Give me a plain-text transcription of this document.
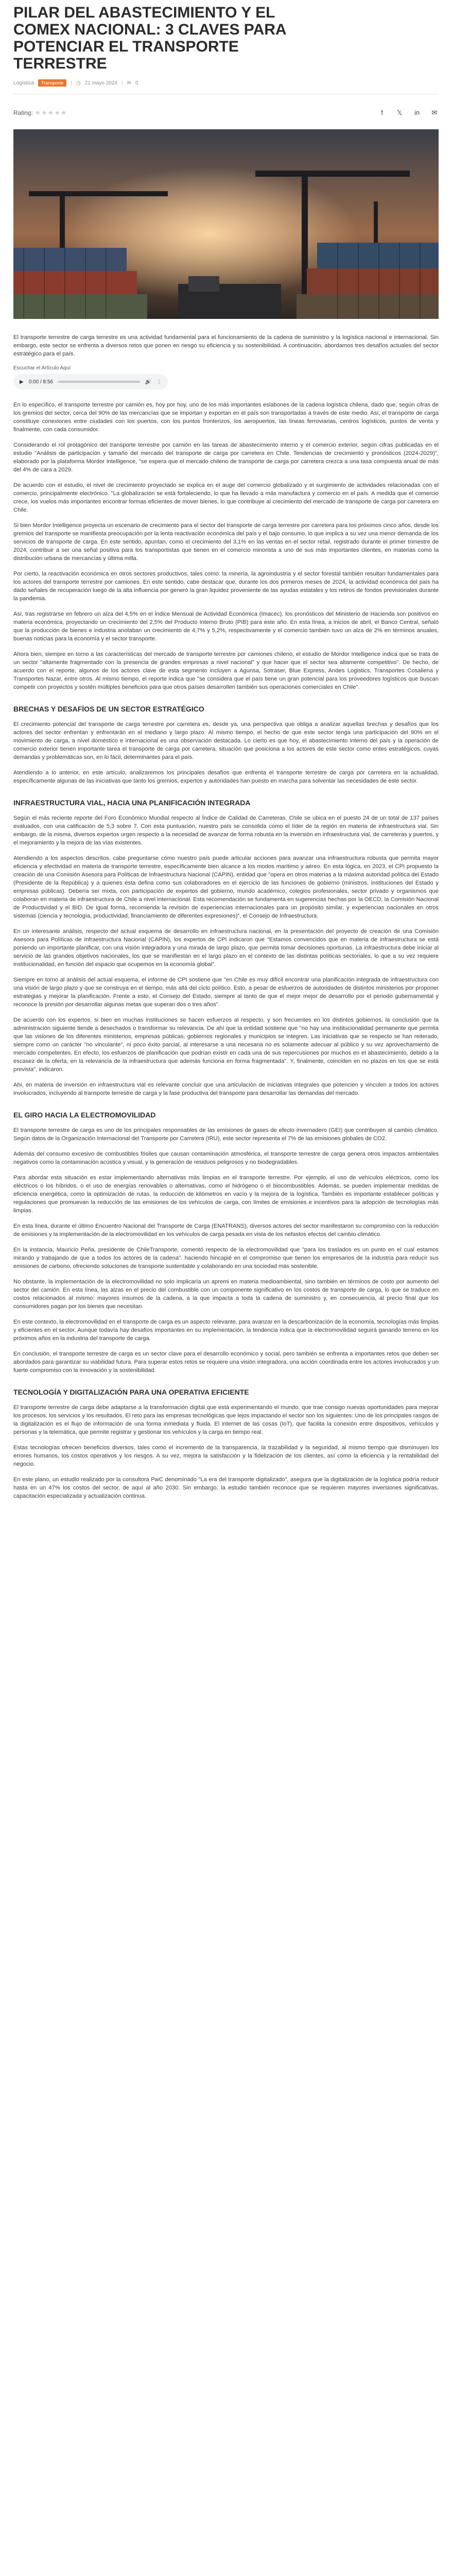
PILAR DEL ABASTECIMIENTO Y EL COMEX NACIONAL: 3 CLAVES PARA POTENCIAR EL TRANSPORTE TERRESTRE
Logística	Transporte	| ◷ 21 mayo 2024 | ✉ 0
Rating: ★★★★★	f	𝕏 in ✉

El transporte terrestre de carga terrestre es una actividad fundamental para el funcionamiento de la cadena de suministro y la logística nacional e internacional. Sin embargo, este sector se enfrenta a diversos retos que ponen en riesgo su eficiencia y su sostenibilidad. A continuación, abordamos tres desafíos actuales del sector estratégico para el país.

Escuchar el Artículo Aquí
▶ 0:00 / 8:56	🔊 ⋮

En lo específico, el transporte terrestre por camión es, hoy por hoy, uno de los más importantes eslabones de la cadena logística chilena, dado que, según cifras de los gremios del sector, cerca del 90% de las mercancías que se importan y exportan en el país son transportadas a través de este medio. Así, el transporte de carga constituye conexiones entre ciudades con los puertos, con los puntos fronterizos, los aeropuertos, las líneas ferroviarias, centros logísticos, puntos de venta y finalmente, con cada consumidor.

Considerando el rol protagónico del transporte terrestre por camión en las tareas de abastecimiento interno y el comercio exterior, según cifras publicadas en el estudio "Análisis de participación y tamaño del mercado del transporte de carga por carretera en Chile. Tendencias de crecimiento y pronósticos (2024-2029)", elaborado por la plataforma Mordor Intelligence, "se espera que el mercado chileno de transporte de carga por carretera crezca a una tasa compuesta anual de más del 4% de cara a 2029.

De acuerdo con el estudio, el nivel de crecimiento proyectado se explica en el auge del comercio globalizado y el surgimiento de actividades relacionadas con el comercio, principalmente electrónico. "La globalización se está fortaleciendo, lo que ha llevado a más manufactura y comercio en el país. A medida que el comercio crece, los vuelos más importantes encontrar formas eficientes de mover bienes, lo que contribuye al crecimiento del mercado de transporte de carga por carretera en Chile.

Si bien Mordor Intelligence proyecta un escenario de crecimiento para el sector del transporte de carga terrestre por carretera para los próximos cinco años, desde los gremios del transporte se manifiesta preocupación por la lenta reactivación económica del país y el bajo consumo, lo que implica a su vez una menor demanda de los servicios de transporte de carga. En este sentido, apuntan, como el crecimiento del 3,1% en las ventas en el sector retail, registrado durante el primer trimestre de 2024, contribuir a ser una señal positiva para los transportistas que tienen en el comercio minorista a uno de sus más importantes clientes, en materias como la distribución urbana de mercancías y última milla.

Por cierto, la reactivación económica en otros sectores productivos, tales como: la minería, la agroindustria y el sector forestal también resultan fundamentales para los actores del transporte terrestre por camiones. En este sentido, cabe destacar que, durante los dos primeros meses de 2024, la actividad económica del país ha dado señales de recuperación luego de la alta influencia por generó la gran liquidez proveniente de las ayudas estatales y los retiros de fondos previsionales durante la pandemia.

Así, tras registrarse en febrero un alza del 4,5% en el Índice Mensual de Actividad Económica (Imacec), los pronósticos del Ministerio de Hacienda son positivos en materia económica, proyectando un crecimiento del 2,5% del Producto Interno Bruto (PIB) para este año. En esta línea, a inicios de abril, el Banco Central, señaló que la producción de bienes e industria anotaban un crecimiento de 4,7% y 5,2%, respectivamente y el comercio también tuvo un alza de 2% en términos anuales, buenas noticias para la economía y el sector transporte.

Ahora bien, siempre en torno a las características del mercado de transporte terrestre por camiones chileno, el estudio de Mordor Intelligence indica que se trata de un sector "altamente fragmentado con la presencia de grandes empresas a nivel nacional" y que hacer que el sector sea altamente competitivo". De hecho, de acuerdo con el reporte, algunos de los actores clave de esta segmento incluyen a Agunsa, Sotraser, Blue Express, Andes Logistics, Transportes Cosaliena y Transportes Nazar, entre otros. Al mismo tiempo, el reporte indica que "se considera que el país tiene un gran potencial para los proveedores logísticos que buscan competir con proyectos y sostén múltiples beneficios para que otros países desarrollen también sus operaciones comerciales en Chile".

BRECHAS Y DESAFÍOS DE UN SECTOR ESTRATÉGICO

El crecimiento potencial del transporte de carga terrestre por carretera es, desde ya, una perspectiva que obliga a analizar aquellas brechas y desafíos que los actores del sector enfrentan y enfrentarán en el mediano y largo plazo. Al mismo tiempo, el hecho de que este sector tenga una participación del 90% en el movimiento de carga, a nivel doméstico e internacional es una observación destacada. Lo cierto es que hoy, el abastecimiento interno del país y la operación de comercio exterior tienen importante tarea el transporte de carga por carretera, situación que posiciona a los actores de este sector como entes estratégicos, cuyas demandas y problemáticas son, en lo fácil, determinantes para el país.

Atendiendo a lo anterior, en este artículo, analizaremos los principales desafíos que enfrenta el transporte terrestre de carga por carretera en la actualidad, específicamente algunas de las iniciativas que tanto los gremios, expertos y autoridades han puesto en marcha para solventar las necesidades de este sector.

INFRAESTRUCTURA VIAL, HACIA UNA PLANIFICACIÓN INTEGRADA

Según el más reciente reporte del Foro Económico Mundial respecto al Índice de Calidad de Carreteras, Chile se ubica en el puesto 24 de un total de 137 países evaluados, con una calificación de 5,3 sobre 7. Con esta puntuación, nuestro país se consolida como el líder de la región en materia de infraestructura vial. Sin embargo, de la misma, diversos expertos urgen respecto a la necesidad de avanzar de forma robusta en la inversión en infraestructura vial, de carreteras y puertos, y el mejoramiento y la mejora de las vías existentes.

Atendiendo a los aspectos descritos, cabe preguntarse cómo nuestro país puede articular acciones para avanzar una infraestructura robusta que permita mayor eficiencia y efectividad en materia de transporte terrestre, específicamente bien alcance a los modos marítimo y aéreo. En esta lógica, en 2023, el CPI propuesto la creación de una Comisión Asesora para Políticas de Infraestructura Nacional (CAPIN), entidad que "opera en otros materias a la máxima autoridad política del Estado (Presidente de la República) y a quienes ésta defina como sus colaboradores en el ejercicio de las funciones de gobierno (ministros, instituciones del Estado y empresas públicas). Debería ser mixta, con participación de expertos del gobierno, mundo académico, colegios profesionales, sector privado y organismos que colaboran en materia de infraestructura de Chile a nivel internacional. Esta recomendación se fundamenta en sugerencias hechas por la OECD, la Comisión Nacional de Productividad y el BID. De igual forma, recomienda la revisión de experiencias internacionales para un propósito similar, y experiencias nacionales en otros sistemas (ciencia y tecnología, productividad, financiamiento de diferentes expresiones)", el Consejo de Infraestructura.

En un interesante análisis, respecto del actual esquema de desarrollo en infraestructura nacional, en la presentación del proyecto de creación de una Comisión Asesora para Políticas de Infraestructura Nacional (CAPIN), los expertos de CPI indicaron que "Estamos convencidos que en materia de infraestructura se está poniendo un importante planificar, con una visión integradora y una mirada de largo plazo, que permita tomar decisiones oportunas. La infraestructura debe iniciar al servicio de las grandes objetivos nacionales, los que se manifiestan en el largo plazo en el contexto de las distintas políticas sectoriales, lo que a su vez requiere institucionalidad, en función del espacio que ocupemos en la economía global".

Siempre en torno al análisis del actual esquema, el informe de CPI sostiene que "en Chile es muy difícil encontrar una planificación integrada de infraestructura con una visión de largo plazo y que se construya en el tiempo, más allá del ciclo político. Esto, a pesar de esfuerzos de autoridades de distintos ministerios por proponer estrategias y mejorar la planificación. Frente a esto, el Consejo del Estado, siempre al tanto de que el mejor mejor de desarrollo por el periodo gubernamental y reconoce la presión por desarrollar algunas metas que superan dos o tres años".

De acuerdo con los expertos, si bien en muchas instituciones se hacen esfuerzos al respecto, y son frecuentes en los distintos gobiernos, la conclusión que la administración siguiente tiende a desechados o transformar su relevancia. De ahí que la entidad sostiene que "no hay una institucionalidad permanente que permita que las visiones de los diferentes ministerios, empresas públicas, gobiernos regionales y municipios se integren. Las iniciativas que se respecto se han reiterado, siempre como un carácter "no vinculante", ni poco éxito parcial, al interesarse a una necesaria no es solamente adecuar al público y su vez aprovechamiento de mercado competentes. En efecto, los esfuerzos de planificación que podrían existir en cada una de sus repercusiones por muchos en el abastecimiento, debido a la escasez de la oferta, en la relevancia de la infraestructura que además funciona en forma fragmentada". Y, finalmente, coinciden en no plazos en los que se está prevista", indicaron.

Ahí, en materia de inversión en infraestructura vial es relevante concluir que una articulación de iniciativas integrales que potencien y vinculen a todos los actores involucrados, incluyendo al transporte terrestre de carga y la fase productiva del transporte para desarrollar las demandas del mercado.

EL GIRO HACIA LA ELECTROMOVILIDAD

El transporte terrestre de carga es uno de los principales responsables de las emisiones de gases de efecto invernadero (GEI) que contribuyen al cambio climático. Según datos de la Organización Internacional del Transporte por Carretera (IRU), este sector representa el 7% de las emisiones globales de CO2.

Además del consumo excesivo de combustibles fósiles que causan contaminación atmosférica, el transporte terrestre de carga genera otros impactos ambientales negativos como la contaminación acústica y visual, y la generación de residuos peligrosos y no biodegradables.

Para abordar esta situación es estar implementando alternativas más limpias en el transporte terrestre. Por ejemplo, el uso de vehículos eléctricos, como los eléctricos o los híbridos, o el uso de energías renovables o alternativas, como el hidrógeno o el biocombustibles. Además, se pueden implementar medidas de eficiencia energética, como la optimización de rutas, la reducción de kilómetros en vacío y la mejora de la logística. También es importante establecer políticas y regulaciones que promuevan la reducción de las emisiones de los vehículos de carga, con límites de emisiones e incentivos para la adopción de tecnologías más limpias.

En esta línea, durante el último Encuentro Nacional del Transporte de Carga (ENATRANS), diversos actores del sector manifestaron su compromiso con la reducción de emisiones y la implementación de la electromovilidad en los vehículos de carga pesada en vista de los nefastos efectos del cambio climático.

En la instancia, Mauricio Peña, presidente de ChileTransporte, comentó respecto de la electromovilidad que "para los traslados es un punto en el cual estamos mirando y trabajando de que a todos los actores de la cadena". haciendo hincapié en el compromiso que tienen los empresarios de la industria para reducir sus emisiones de carbono, ofreciendo soluciones de transporte sustentable y colaborando en una sociedad más sostenible.

No obstante, la implementación de la electromovilidad no solo implicaría un apremi en materia medioambiental, sino también en términos de costo por aumento del sector del camión. En esta línea, las alzas en el precio del combustible con un componente significativo en los costos de transporte de carga, lo que se traduce en costos relacionados al mismo: mayores insumos de la cadena, a la que impacta a toda la cadena de suministro y, en consecuencia, al precio final que los consumidores pagan por los bienes que necesitan.

En este contexto, la electromovilidad en el transporte de carga es un aspecto relevante, para avanzar en la descarbonización de la economía, tecnologías más limpias y eficientes en el sector. Aunque todavía hay desafíos importantes en su implementación, la tendencia indica que la electromovilidad seguirá ganando terreno en los próximos años en la industria del transporte de carga.

En conclusión, el transporte terrestre de carga es un sector clave para el desarrollo económico y social, pero también se enfrenta a importantes retos que deben ser abordados para garantizar su viabilidad futura. Para superar estos retos se requiere una visión integradora, una acción coordinada entre los actores involucrados y un fuerte compromiso con la innovación y la sostenibilidad.

TECNOLOGÍA Y DIGITALIZACIÓN PARA UNA OPERATIVA EFICIENTE

El transporte terrestre de carga debe adaptarse a la transformación digital que está experimentando el mundo, que trae consigo nuevas oportunidades para mejorar los procesos, los servicios y los resultados. El reto para las empresas tecnológicas que lejos impactando el sector son los siguientes: Uno de los principales rasgos de la digitalización es el flujo de información de una forma inmediata y fluida. El internet de las cosas (IoT), que facilita la conexión entre dispositivos, vehículos y personas y la telemática, que permite registrar y gestionar los vehículos y la carga en tiempo real.

Estas tecnologías ofrecen beneficios diversos, tales como el incremento de la transparencia, la trazabilidad y la seguridad, al mismo tiempo que disminuyen los errores humanos, los costos operativos y los riesgos. A su vez, mejora la satisfacción y la fidelización de los clientes, así como la eficiencia y la rentabilidad del negocio.

En este plano, un estudio realizado por la consultora PwC denominado "La era del transporte digitalizado", asegura que la digitalización de la logística podría reducir hasta en un 47% los costos del sector, de aquí al año 2030. Sin embargo, la estudio también reconoce que se requieren mayores inversiones significativas, capacitación especializada y actualización continua.
